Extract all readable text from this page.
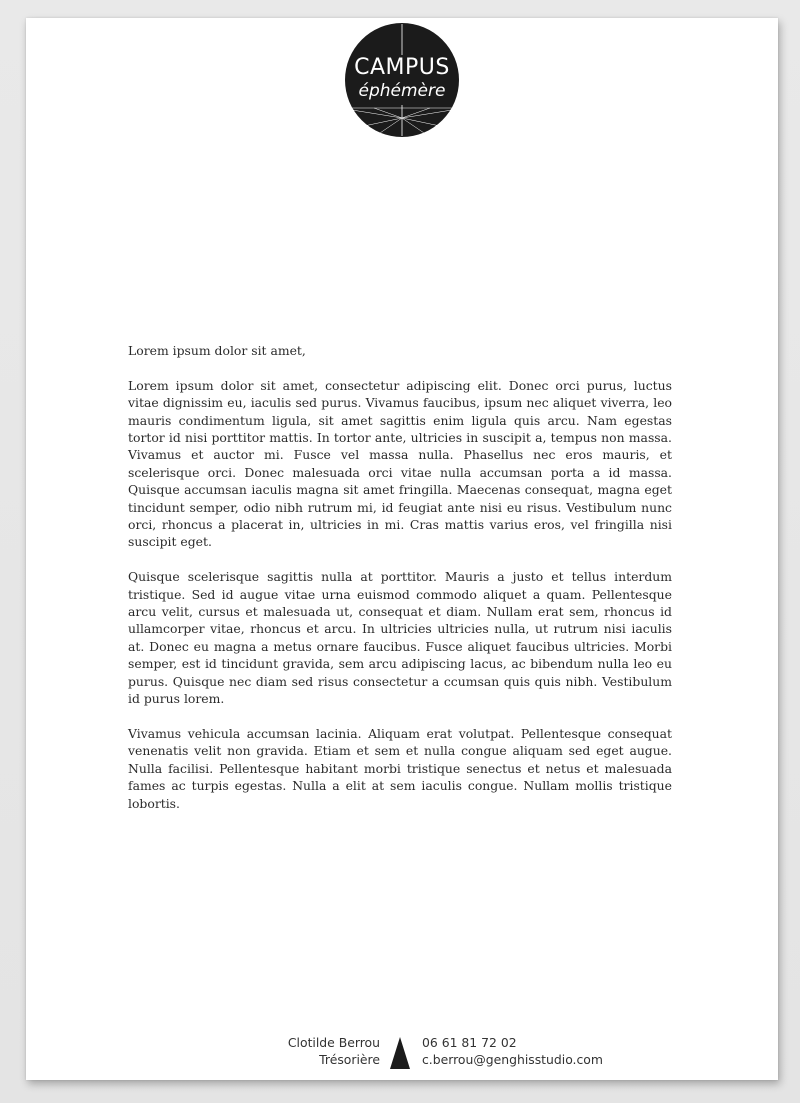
CAMPUS
éphémère

Lorem ipsum dolor sit amet,

Lorem ipsum dolor sit amet, consectetur adipiscing elit. Donec orci purus, luctus vitae dignissim eu, iaculis sed purus. Vivamus faucibus, ipsum nec aliquet viverra, leo mauris condimentum ligula, sit amet sagittis enim ligula quis arcu. Nam egestas tortor id nisi porttitor mattis. In tortor ante, ultricies in suscipit a, tempus non massa. Vivamus et auctor mi. Fusce vel massa nulla. Phasellus nec eros mauris, et scelerisque orci. Donec malesuada orci vitae nulla accumsan porta a id massa. Quisque accumsan iaculis magna sit amet fringilla. Maecenas consequat, magna eget tincidunt semper, odio nibh rutrum mi, id feugiat ante nisi eu risus. Vestibulum nunc orci, rhoncus a placerat in, ultricies in mi. Cras mattis varius eros, vel fringilla nisi suscipit eget.

Quisque scelerisque sagittis nulla at porttitor. Mauris a justo et tellus interdum tristique. Sed id augue vitae urna euismod commodo aliquet a quam. Pellentesque arcu velit, cursus et malesuada ut, consequat et diam. Nullam erat sem, rhoncus id ullamcorper vitae, rhoncus et arcu. In ultricies ultricies nulla, ut rutrum nisi iaculis at. Donec eu magna a metus ornare faucibus. Fusce aliquet faucibus ultricies. Morbi semper, est id tincidunt gravida, sem arcu adipiscing lacus, ac bibendum nulla leo eu purus. Quisque nec diam sed risus consectetur a ccumsan quis quis nibh. Vestibulum id purus lorem.

Vivamus vehicula accumsan lacinia. Aliquam erat volutpat. Pellentesque consequat venenatis velit non gravida. Etiam et sem et nulla congue aliquam sed eget augue. Nulla facilisi. Pellentesque habitant morbi tristique senectus et netus et malesuada fames ac turpis egestas. Nulla a elit at sem iaculis congue. Nullam mollis tristique lobortis.

Clotilde Berrou
Trésorière
06 61 81 72 02
c.berrou@genghisstudio.com
